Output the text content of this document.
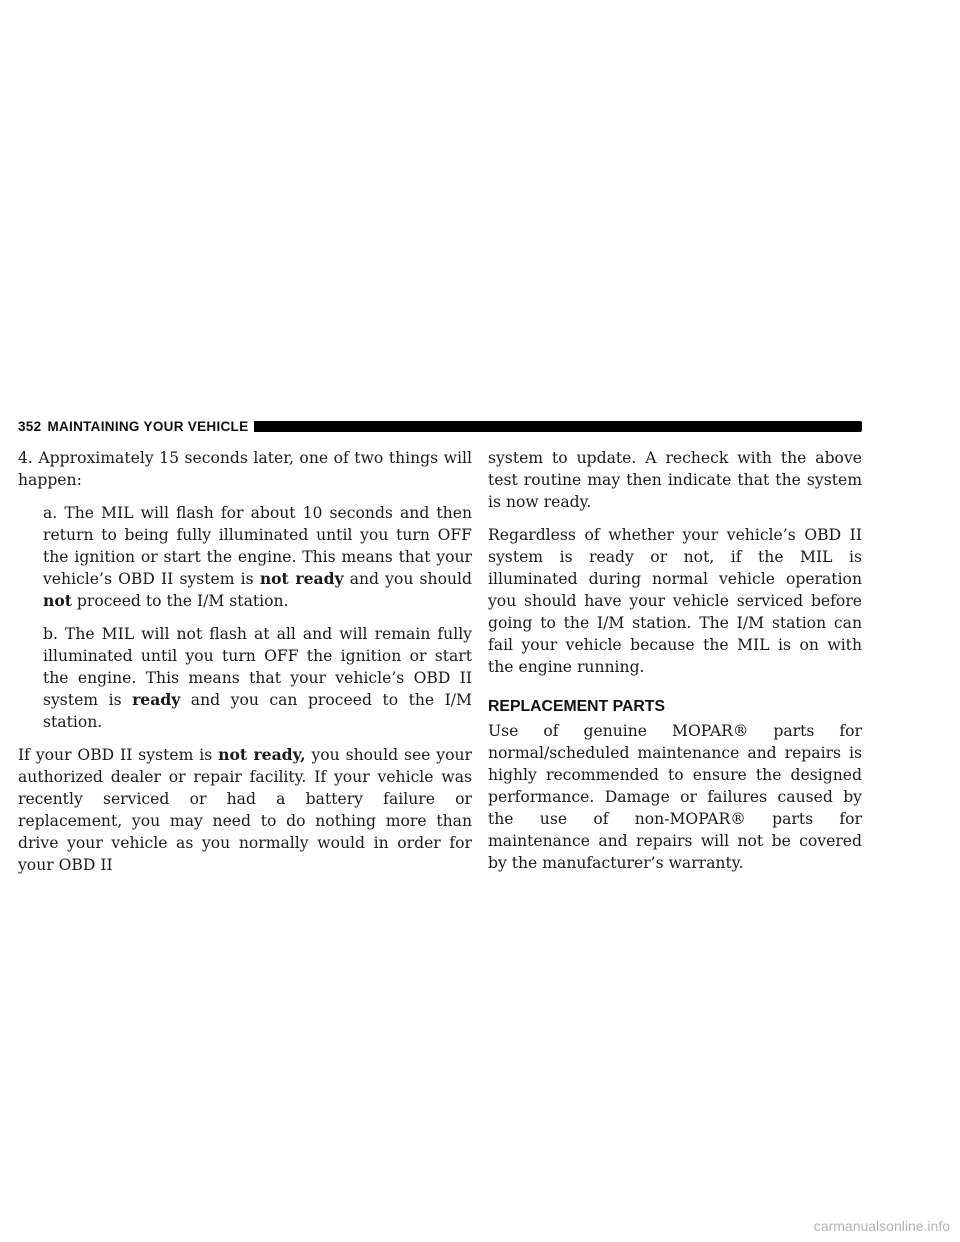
352 MAINTAINING YOUR VEHICLE

4. Approximately 15 seconds later, one of two things will happen:

a. The MIL will flash for about 10 seconds and then return to being fully illuminated until you turn OFF the ignition or start the engine. This means that your vehicle’s OBD II system is not ready and you should not proceed to the I/M station.

b. The MIL will not flash at all and will remain fully illuminated until you turn OFF the ignition or start the engine. This means that your vehicle’s OBD II system is ready and you can proceed to the I/M station.

If your OBD II system is not ready, you should see your authorized dealer or repair facility. If your vehicle was recently serviced or had a battery failure or replacement, you may need to do nothing more than drive your vehicle as you normally would in order for your OBD II

system to update. A recheck with the above test routine may then indicate that the system is now ready.

Regardless of whether your vehicle’s OBD II system is ready or not, if the MIL is illuminated during normal vehicle operation you should have your vehicle serviced before going to the I/M station. The I/M station can fail your vehicle because the MIL is on with the engine running.

REPLACEMENT PARTS

Use of genuine MOPAR® parts for normal/scheduled maintenance and repairs is highly recommended to ensure the designed performance. Damage or failures caused by the use of non-MOPAR® parts for maintenance and repairs will not be covered by the manufacturer’s warranty.

carmanualsonline.info
